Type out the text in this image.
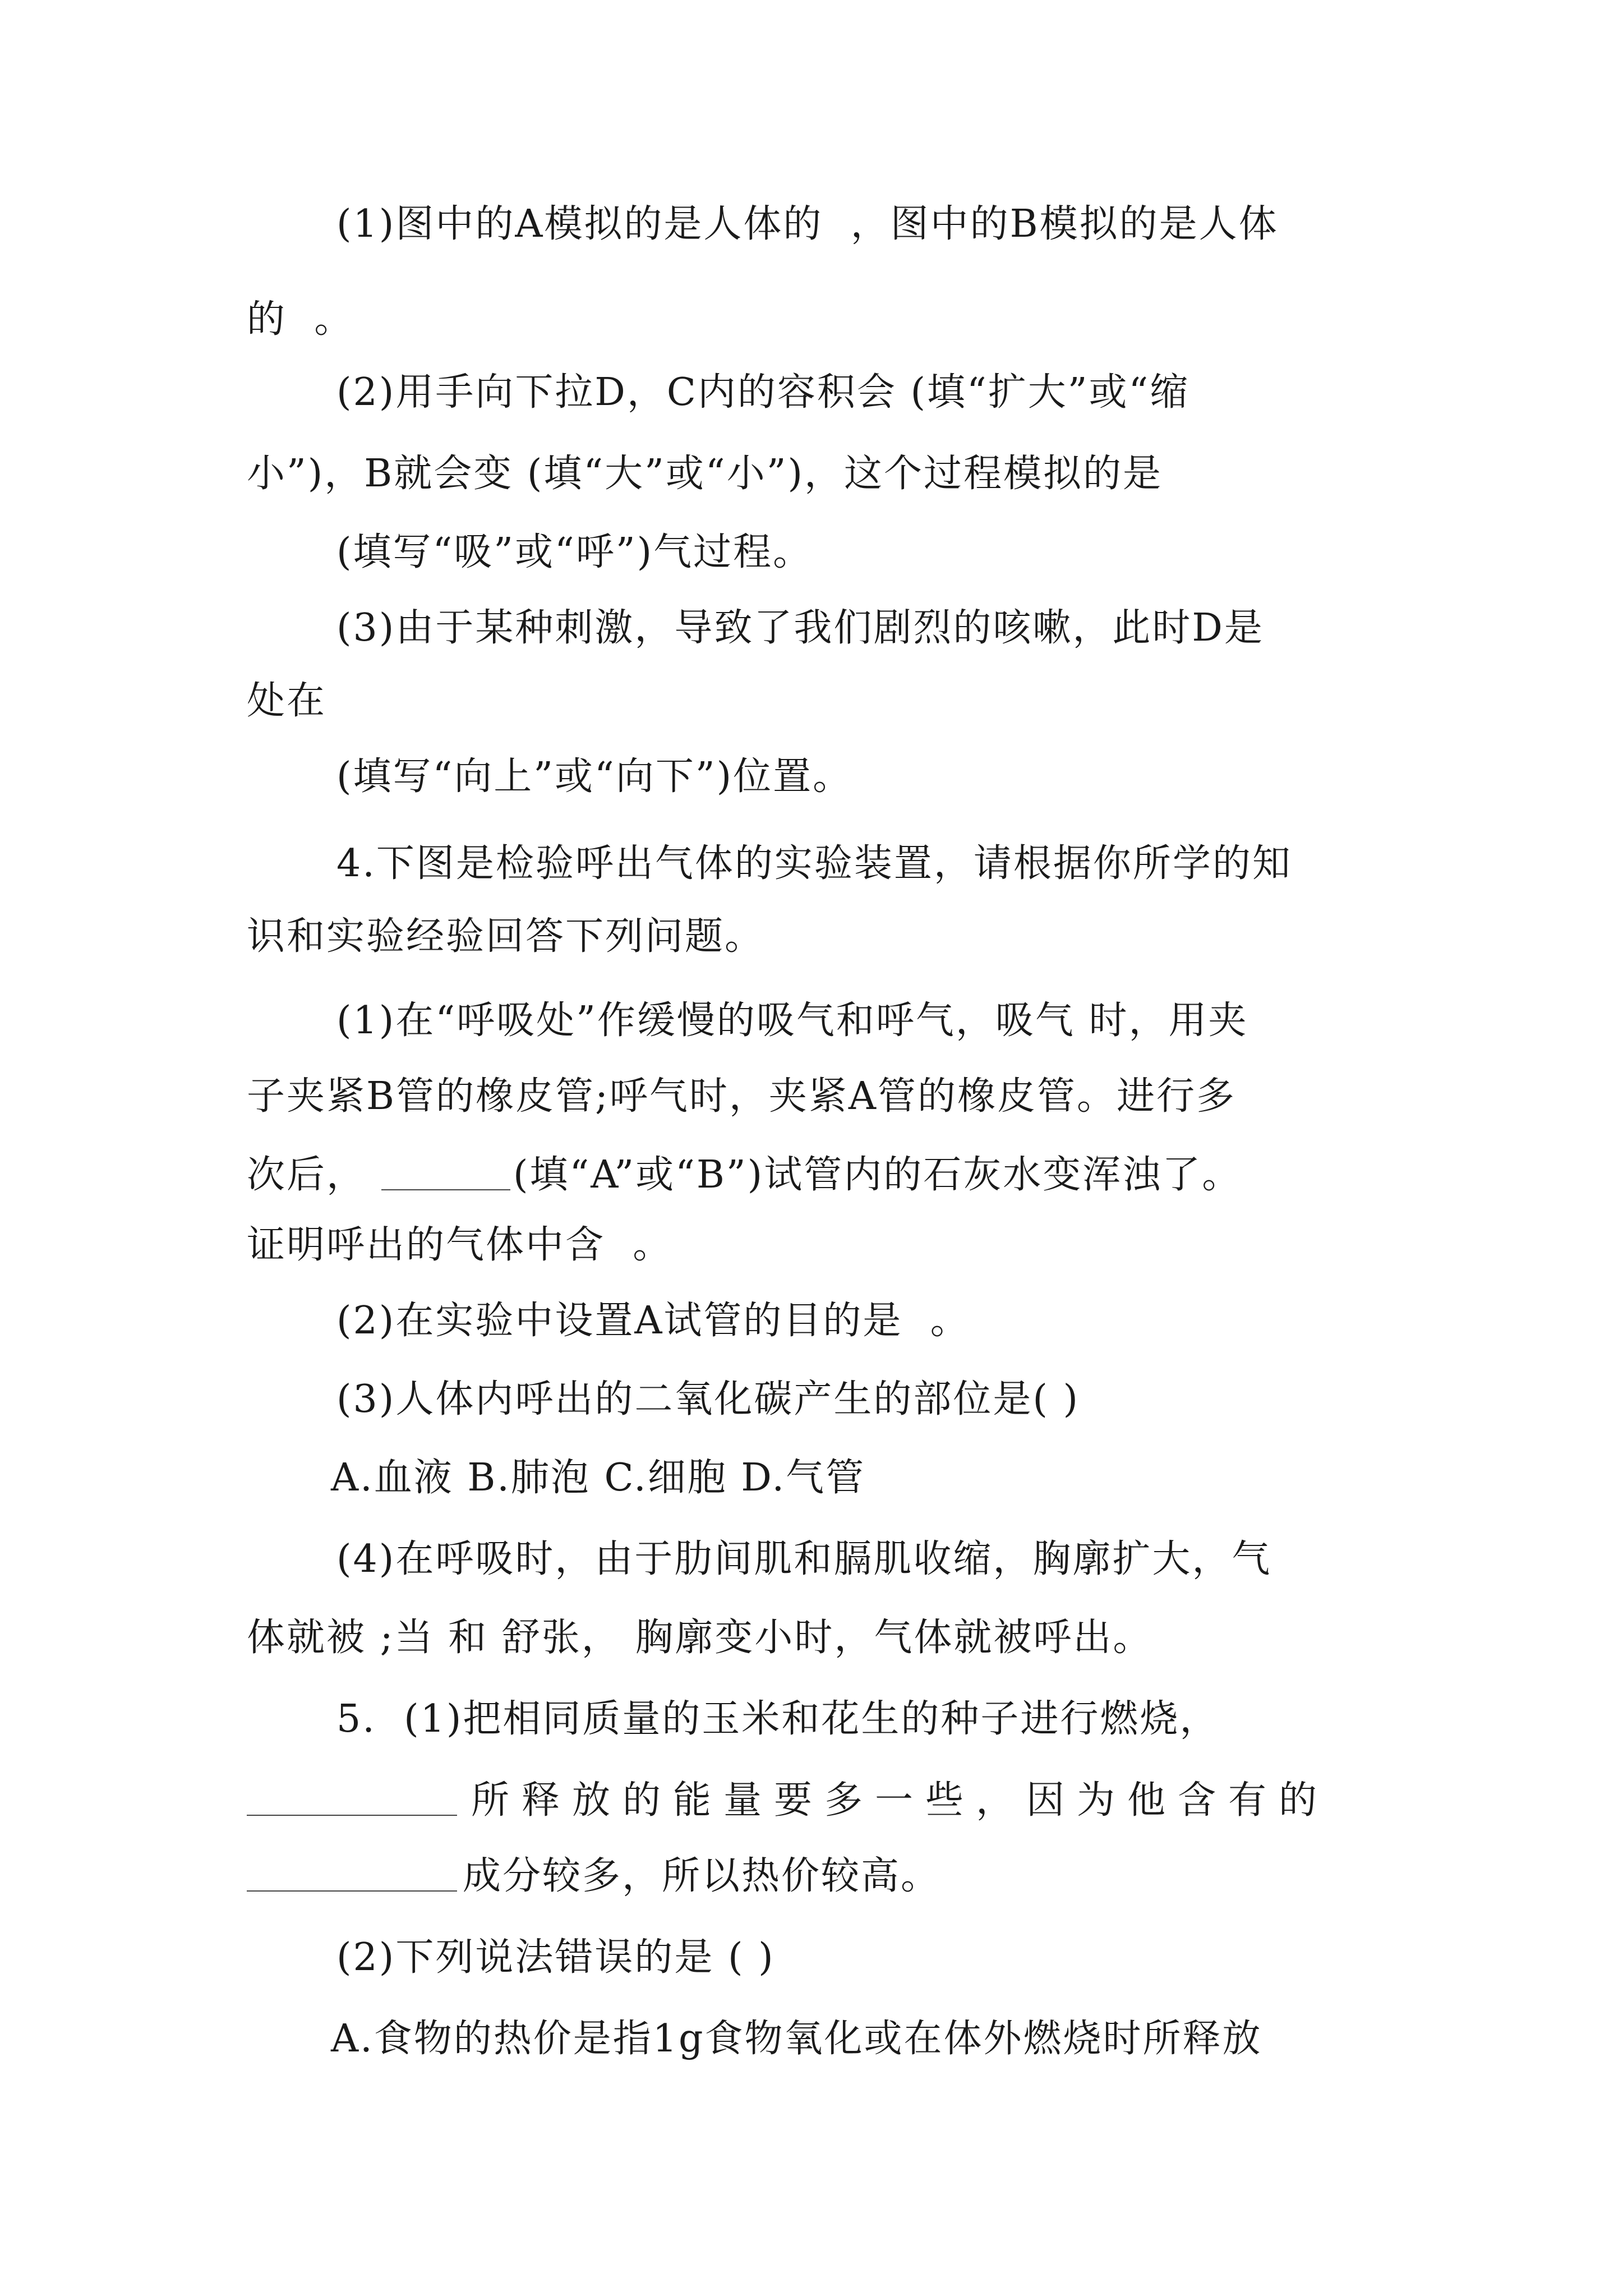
(1)图中的A模拟的是人体的  ，图中的B模拟的是人体
的  。
(2)用手向下拉D，C内的容积会 (填“扩大”或“缩
小”)，B就会变 (填“大”或“小”)，这个过程模拟的是
(填写“吸”或“呼”)气过程。
(3)由于某种刺激，导致了我们剧烈的咳嗽，此时D是
处在
(填写“向上”或“向下”)位置。
4.下图是检验呼出气体的实验装置，请根据你所学的知
识和实验经验回答下列问题。
(1)在“呼吸处”作缓慢的吸气和呼气，吸气 时，用夹
子夹紧B管的橡皮管;呼气时，夹紧A管的橡皮管。进行多
次后，	(填“A”或“B”)试管内的石灰水变浑浊了。
证明呼出的气体中含  。
(2)在实验中设置A试管的目的是  。
(3)人体内呼出的二氧化碳产生的部位是( )
A.血液 B.肺泡 C.细胞 D.气管
(4)在呼吸时，由于肋间肌和膈肌收缩，胸廓扩大，气
体就被 ;当 和 舒张， 胸廓变小时，气体就被呼出。
5.  (1)把相同质量的玉米和花生的种子进行燃烧，
所释放的能量要多一些，因为他含有的
成分较多，所以热价较高。
(2)下列说法错误的是 ( )
A.食物的热价是指1g食物氧化或在体外燃烧时所释放
